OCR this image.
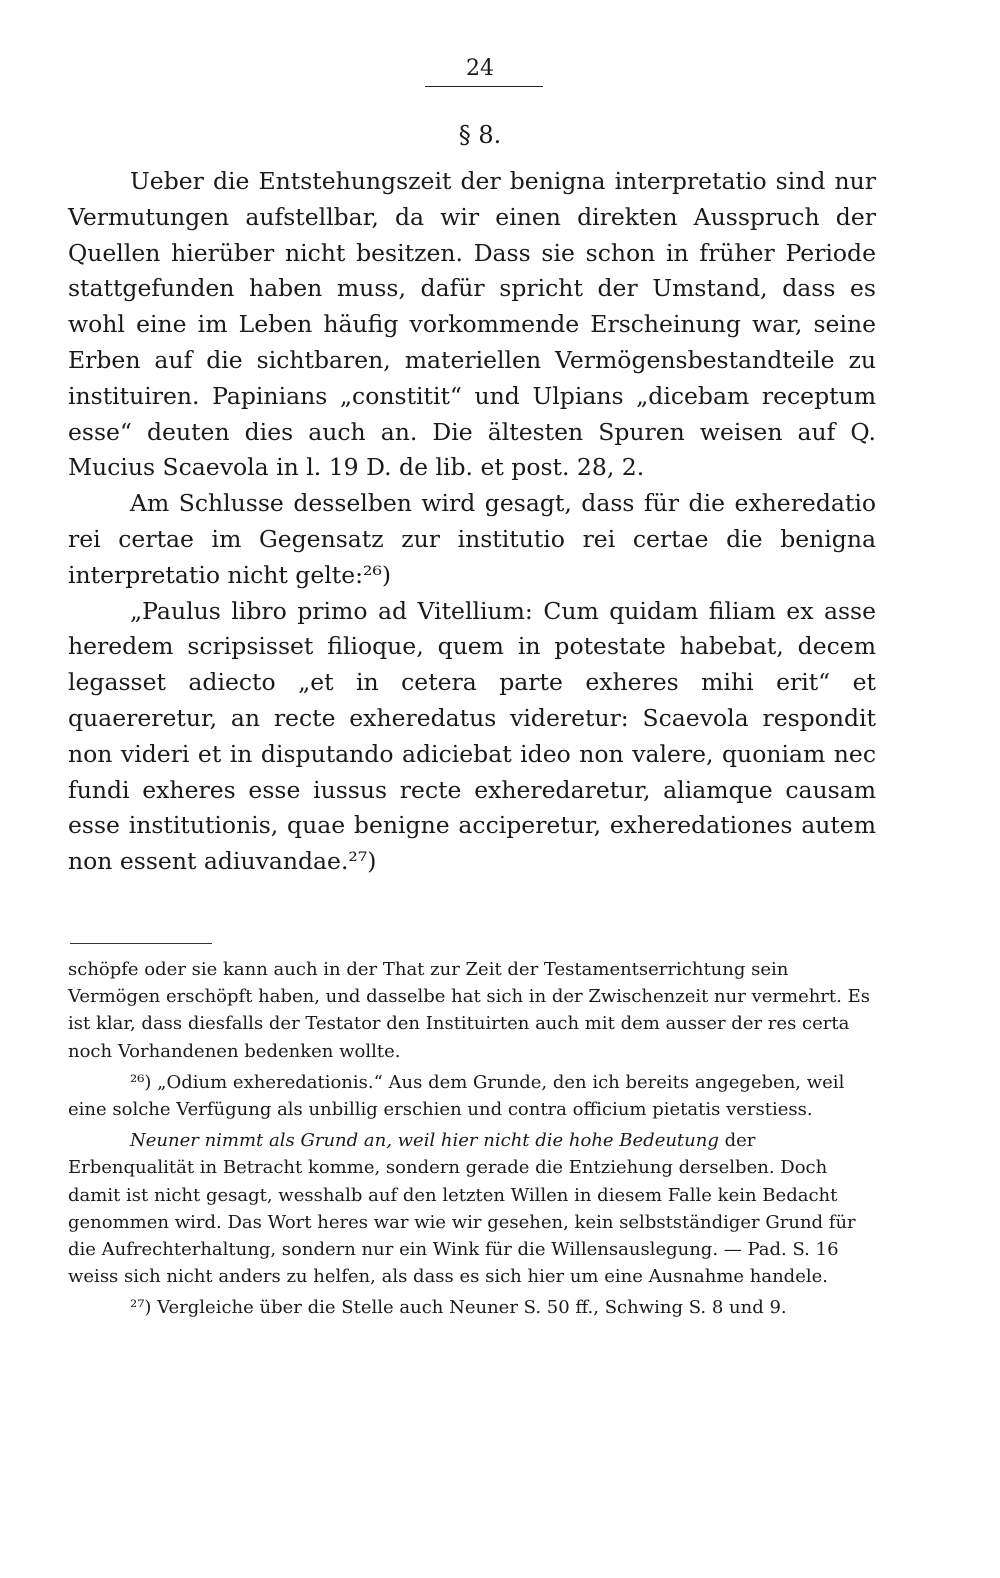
24
§ 8.

Ueber die Entstehungszeit der benigna interpretatio sind nur Vermutungen aufstellbar, da wir einen direkten Ausspruch der Quellen hierüber nicht besitzen. Dass sie schon in früher Periode stattgefunden haben muss, dafür spricht der Umstand, dass es wohl eine im Leben häufig vorkommende Erscheinung war, seine Erben auf die sichtbaren, materiellen Vermögensbestandteile zu instituiren. Papinians „constitit“ und Ulpians „dicebam receptum esse“ deuten dies auch an. Die ältesten Spuren weisen auf Q. Mucius Scaevola in l. 19 D. de lib. et post. 28, 2.

Am Schlusse desselben wird gesagt, dass für die exheredatio rei certae im Gegensatz zur institutio rei certae die benigna interpretatio nicht gelte:²⁶)

„Paulus libro primo ad Vitellium: Cum quidam filiam ex asse heredem scripsisset filioque, quem in potestate habebat, decem legasset adiecto „et in cetera parte exheres mihi erit“ et quaereretur, an recte exheredatus videretur: Scaevola respondit non videri et in disputando adiciebat ideo non valere, quoniam nec fundi exheres esse iussus recte exheredaretur, aliamque causam esse institutionis, quae benigne acciperetur, exheredationes autem non essent adiuvandae.²⁷)

schöpfe oder sie kann auch in der That zur Zeit der Testamentserrichtung sein Vermögen erschöpft haben, und dasselbe hat sich in der Zwischenzeit nur vermehrt. Es ist klar, dass diesfalls der Testator den Instituirten auch mit dem ausser der res certa noch Vorhandenen bedenken wollte.

²⁶) „Odium exheredationis.“ Aus dem Grunde, den ich bereits angegeben, weil eine solche Verfügung als unbillig erschien und contra officium pietatis verstiess.

Neuner nimmt als Grund an, weil hier nicht die hohe Bedeutung der Erbenqualität in Betracht komme, sondern gerade die Entziehung derselben. Doch damit ist nicht gesagt, wesshalb auf den letzten Willen in diesem Falle kein Bedacht genommen wird. Das Wort heres war wie wir gesehen, kein selbstständiger Grund für die Aufrechterhaltung, sondern nur ein Wink für die Willensauslegung. — Pad. S. 16 weiss sich nicht anders zu helfen, als dass es sich hier um eine Ausnahme handele.

²⁷) Vergleiche über die Stelle auch Neuner S. 50 ff., Schwing S. 8 und 9.
